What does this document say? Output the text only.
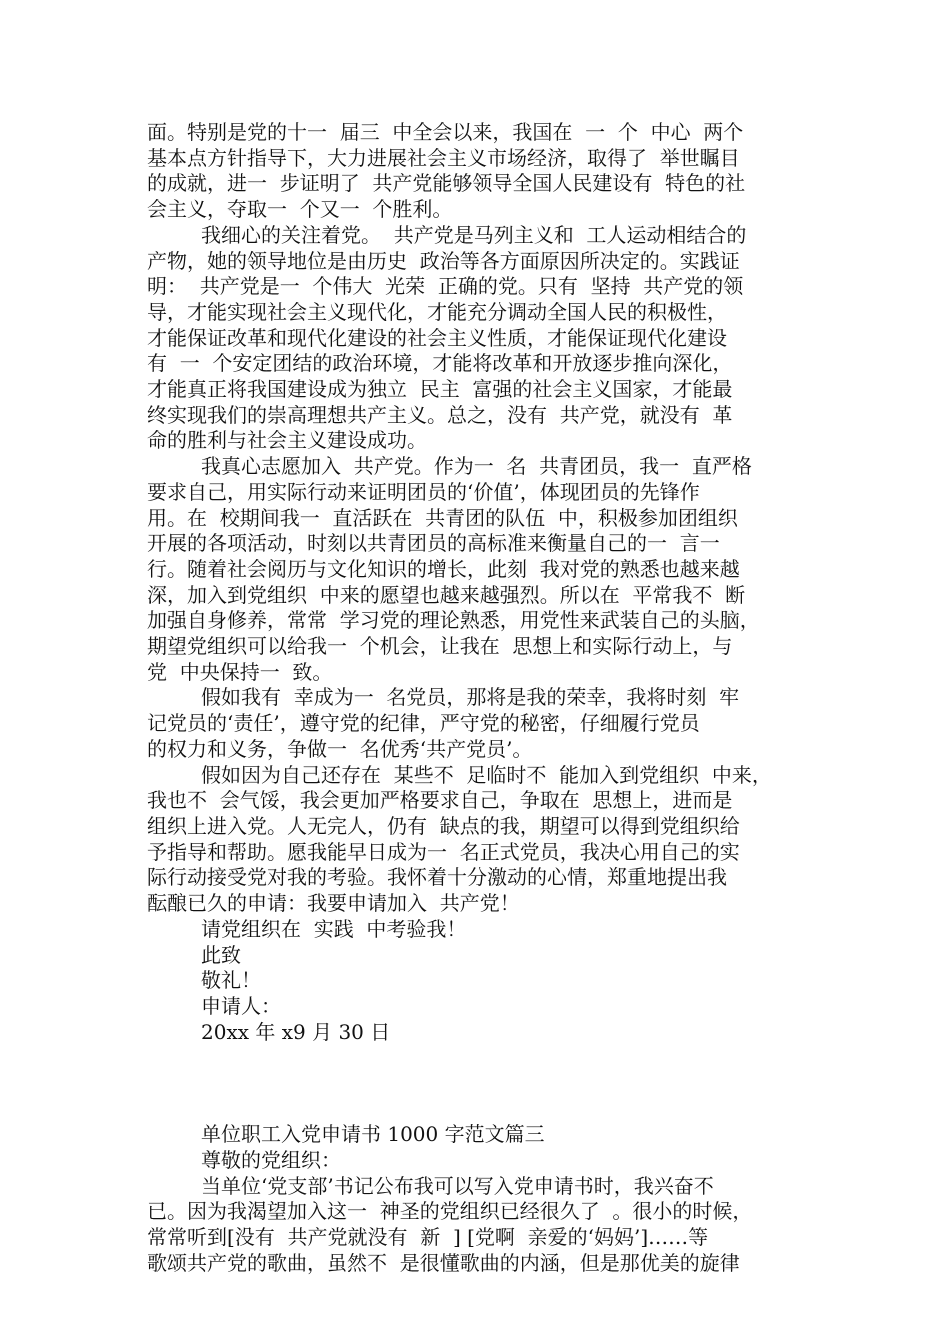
面。特别是党的十一  届三  中全会以来，我国在  一  个  中心  两个
基本点方针指导下，大力进展社会主义市场经济，取得了  举世瞩目
的成就，进一  步证明了  共产党能够领导全国人民建设有  特色的社
会主义，夺取一  个又一  个胜利。
我细心的关注着党。  共产党是马列主义和  工人运动相结合的
产物，她的领导地位是由历史  政治等各方面原因所决定的。实践证
明：  共产党是一  个伟大  光荣  正确的党。只有  坚持  共产党的领
导，才能实现社会主义现代化，才能充分调动全国人民的积极性，
才能保证改革和现代化建设的社会主义性质，才能保证现代化建设
有  一  个安定团结的政治环境，才能将改革和开放逐步推向深化，
才能真正将我国建设成为独立  民主  富强的社会主义国家，才能最
终实现我们的崇高理想共产主义。总之，没有  共产党，就没有  革
命的胜利与社会主义建设成功。
我真心志愿加入  共产党。作为一  名  共青团员，我一  直严格
要求自己，用实际行动来证明团员的‘价值’，体现团员的先锋作
用。在  校期间我一  直活跃在  共青团的队伍  中，积极参加团组织
开展的各项活动，时刻以共青团员的高标准来衡量自己的一  言一
行。随着社会阅历与文化知识的增长，此刻  我对党的熟悉也越来越
深，加入到党组织  中来的愿望也越来越强烈。所以在  平常我不  断
加强自身修养，常常  学习党的理论熟悉，用党性来武装自己的头脑，
期望党组织可以给我一  个机会，让我在  思想上和实际行动上，与
党  中央保持一  致。
假如我有  幸成为一  名党员，那将是我的荣幸，我将时刻  牢
记党员的‘责任’，遵守党的纪律，严守党的秘密，仔细履行党员
的权力和义务，争做一  名优秀‘共产党员’。
假如因为自己还存在  某些不  足临时不  能加入到党组织  中来，
我也不  会气馁，我会更加严格要求自己，争取在  思想上，进而是
组织上进入党。人无完人，仍有  缺点的我，期望可以得到党组织给
予指导和帮助。愿我能早日成为一  名正式党员，我决心用自己的实
际行动接受党对我的考验。我怀着十分激动的心情，郑重地提出我
酝酿已久的申请：我要申请加入  共产党！
请党组织在  实践  中考验我！
此致
敬礼！
申请人：
20xx 年 x9 月 30 日
单位职工入党申请书 1000 字范文篇三
尊敬的党组织：
当单位‘党支部’书记公布我可以写入党申请书时，我兴奋不
已。因为我渴望加入这一  神圣的党组织已经很久了  。很小的时候，
常常听到[没有  共产党就没有  新  ] [党啊  亲爱的‘妈妈’]……等
歌颂共产党的歌曲，虽然不  是很懂歌曲的内涵，但是那优美的旋律
